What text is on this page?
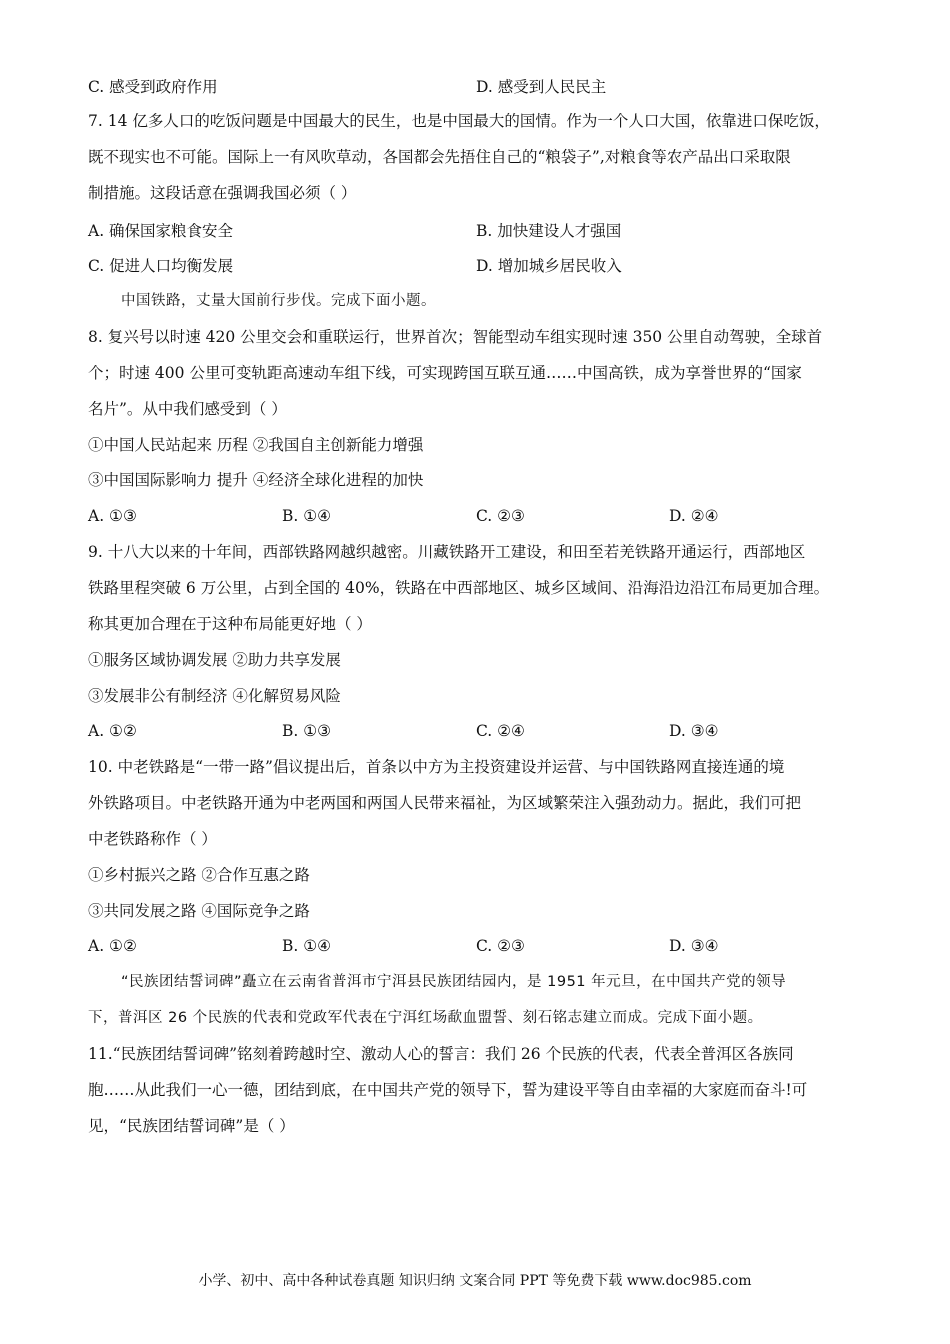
C. 感受到政府作用	D. 感受到人民民主
7. 14 亿多人口的吃饭问题是中国最大的民生，也是中国最大的国情。作为一个人口大国，依靠进口保吃饭，
既不现实也不可能。国际上一有风吹草动，各国都会先捂住自己的“粮袋子”,对粮食等农产品出口采取限
制措施。这段话意在强调我国必须（ ）
A. 确保国家粮食安全	B. 加快建设人才强国
C. 促进人口均衡发展	D. 增加城乡居民收入
中国铁路，丈量大国前行步伐。完成下面小题。
8. 复兴号以时速 420 公里交会和重联运行，世界首次；智能型动车组实现时速 350 公里自动驾驶，全球首
个；时速 400 公里可变轨距高速动车组下线，可实现跨国互联互通……中国高铁，成为享誉世界的“国家
名片”。从中我们感受到（ ）
①中国人民站起来 历程 ②我国自主创新能力增强
③中国国际影响力 提升 ④经济全球化进程的加快
A. ①③	B. ①④	C. ②③	D. ②④
9. 十八大以来的十年间，西部铁路网越织越密。川藏铁路开工建设，和田至若羌铁路开通运行，西部地区
铁路里程突破 6 万公里，占到全国的 40%，铁路在中西部地区、城乡区域间、沿海沿边沿江布局更加合理。
称其更加合理在于这种布局能更好地（ ）
①服务区域协调发展 ②助力共享发展
③发展非公有制经济 ④化解贸易风险
A. ①②	B. ①③	C. ②④	D. ③④
10. 中老铁路是“一带一路”倡议提出后，首条以中方为主投资建设并运营、与中国铁路网直接连通的境
外铁路项目。中老铁路开通为中老两国和两国人民带来福祉，为区域繁荣注入强劲动力。据此，我们可把
中老铁路称作（ ）
①乡村振兴之路 ②合作互惠之路
③共同发展之路 ④国际竞争之路
A. ①②	B. ①④	C. ②③	D. ③④
“民族团结誓词碑”矗立在云南省普洱市宁洱县民族团结园内，是 1951 年元旦，在中国共产党的领导
下，普洱区 26 个民族的代表和党政军代表在宁洱红场歃血盟誓、刻石铭志建立而成。完成下面小题。
11.“民族团结誓词碑”铭刻着跨越时空、激动人心的誓言：我们 26 个民族的代表，代表全普洱区各族同
胞……从此我们一心一德，团结到底，在中国共产党的领导下，誓为建设平等自由幸福的大家庭而奋斗!可
见，“民族团结誓词碑”是（ ）
小学、初中、高中各种试卷真题 知识归纳 文案合同 PPT 等免费下载 www.doc985.com
